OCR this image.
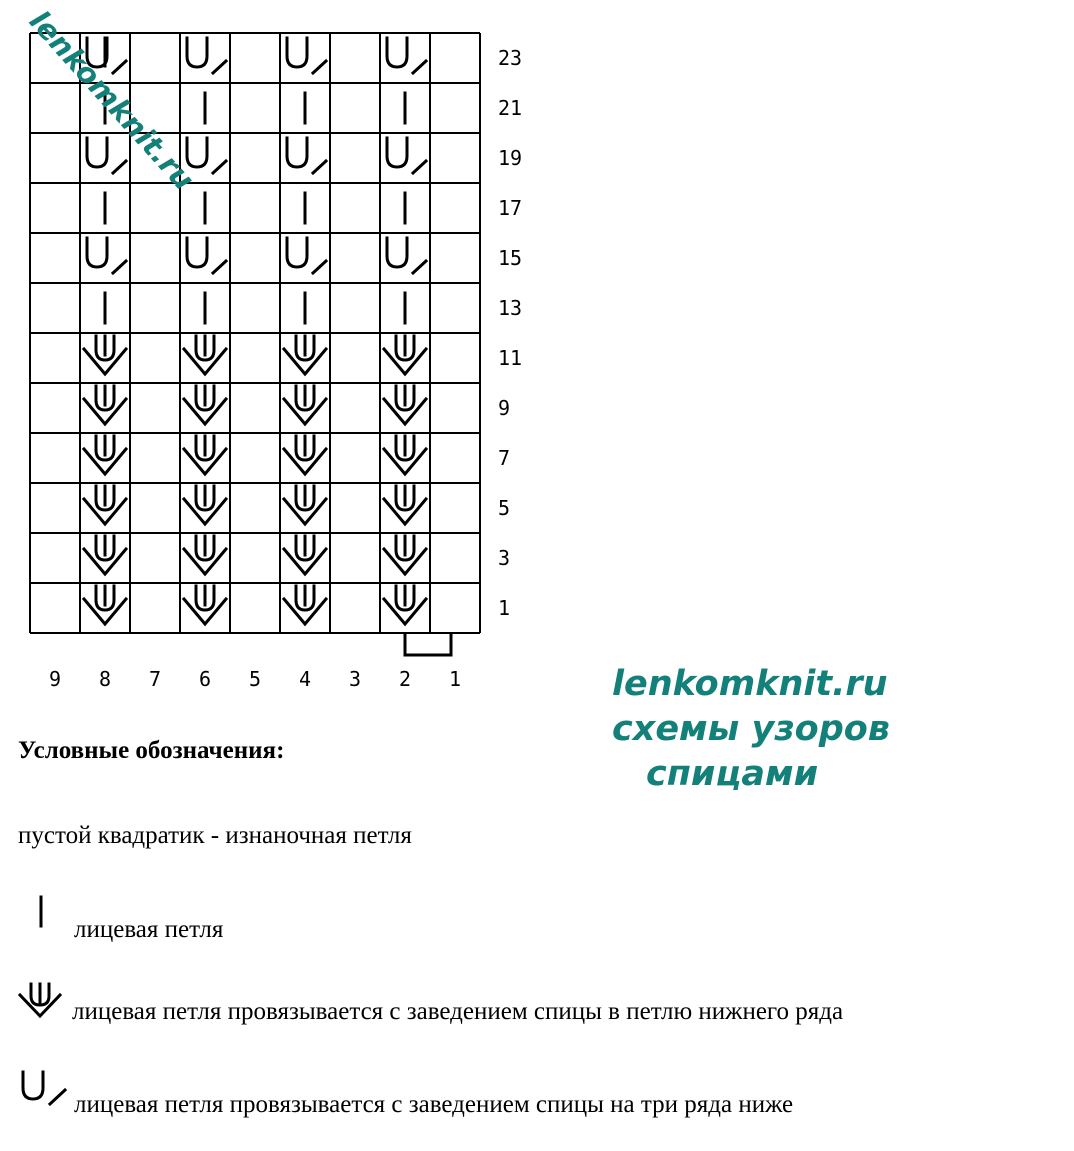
23
21
19
17
15
13
11
9
7
5
3
1
9 8 7 6 5 4 3 2 1
lenkomknit.ru
lenkomknit.ru
схемы узоров
спицами
Условные обозначения:
пустой квадратик - изнаночная петля
лицевая петля
лицевая петля провязывается с заведением спицы в петлю нижнего ряда
лицевая петля провязывается с заведением спицы на три ряда ниже
